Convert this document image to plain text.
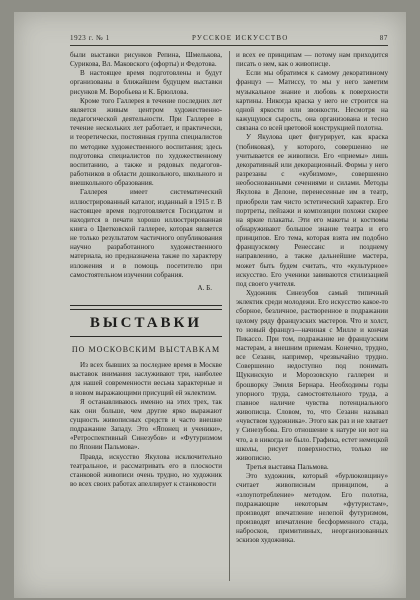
1923 г. № 1	РУССКОЕ ИСКУССТВО	87

были выставки рисунков Репина, Шмелькова, Сурикова, Вл. Маковского (офорты) и Федотова.

В настоящее время подготовлены и будут организованы в ближайшем будущем выставки рисунков М. Воробьева и К. Брюллова.

Кроме того Галлерея в течение последних лет является живым центром художественно-педагогической деятельности. При Галлерее в течение нескольких лет работает, и практически, и теоретически, постоянная группа специалистов по методике художественного воспитания; здесь подготовка специалистов по художественному воспитанию, а также и рядовых педагогов-работников в области дошкольного, школьного и внешкольного образования.

Галлерея имеет систематический иллюстрированный каталог, изданный в 1915 г. В настоящее время подготовляется Госиздатом и находится в печати хорошо иллюстрированная книга о Цветковской галлерее, которая является не только результатом частичного опубликования научно разработанного художественного материала, но предназначена также по характеру изложения и в помощь посетителю при самостоятельном изучении собрания.

А. Б.

ВЫСТАВКИ
ПО МОСКОВСКИМ ВЫСТАВКАМ

Из всех бывших за последнее время в Москве выставок внимания заслуживают три, наиболее для нашей современности весьма характерные и в новом выражающими присущий ей эклектизм.

Я останавливаюсь именно на этих трех, так как они больше, чем другие ярко выражают сущность живописных средств и часто внешне подражание Западу. Это «Японец и ученики», «Ретроспективный Синезубов» и «Футуризмом по Японии Пальмова».

Правда, искусство Якулова исключительно театральное, и рассматривать его в плоскости станковой живописи очень трудно, но художник во всех своих работах апеллирует к станковости

и всех ее принципам — потому нам приходится писать о нем, как о живописце.

Если мы обратимся к самому декоративному француз — Матиссу, то мы у него заметим музыкальное знание и любовь к поверхности картины. Никогда краска у него не строится на одной яркости или звонкости. Несмотря на кажущуюся сырость, она организована и тесно связана со всей цветовой конструкцией полотна.

У Якулова цвет фигурирует, как краска (тюбиковая), у которого, совершенно не учитывается ее живописи. Его «приемы» лишь декоративный или декорационный. Формы у него разрезаны с «кубизмом», совершенно необоснованными сечениями и силами. Методы Якулова в Делоне, перенесенные им в театр, приобрели там чисто эстетический характер. Его портреты, пейзажи и композиции похожи скорее на яркие плакаты. Эти его макеты и костюмы обнаруживают большое знание театра и его принципов. Его тема, которая взята им подобно французскому Ренессанс и позднему направлению, а также дальнейшие мастера, может быть будем считать, что «культурное» искусство. Его ученики завиваются стилизацией под своего учителя.

Художник Синезубов самый типичный эклектик среди молодежи. Его искусство какое-то сборное, безличное, растворенное в подражании целому ряду французских мастеров. Что и холст, то новый француз—начиная с Милле и кончая Пикассо. При том, подражание не французским мастерам, а внешним приемам. Конечно, трудно, все Сезанн, например, чрезвычайно трудно. Совершенно недоступно под понимать Щукинскую и Морозовскую галлереи и брошюрку Эмиля Бернара. Необходимы годы упорного труда, самостоятельного труда, а главное наличие чувства потенциального живописца. Словом, то, что Сезанн называл «чувством художника». Этого как раз и не хватает у Синезубова. Его отношение к натуре ни вот на что, а в никогда не было. Графика, естет немецкой школы, рисует поверхностно, только не живописно.

Третья выставка Пальмова.

Это художник, который «бурлюковщину» считает живописным принципом, а «злоупотребление» методом. Его полотна, подражающие некоторым «футуристам», производят впечатление нелепой футуризмом, производят впечатление бесформенного стада, набросков, примитивных, неорганизованных эскизов художника.
